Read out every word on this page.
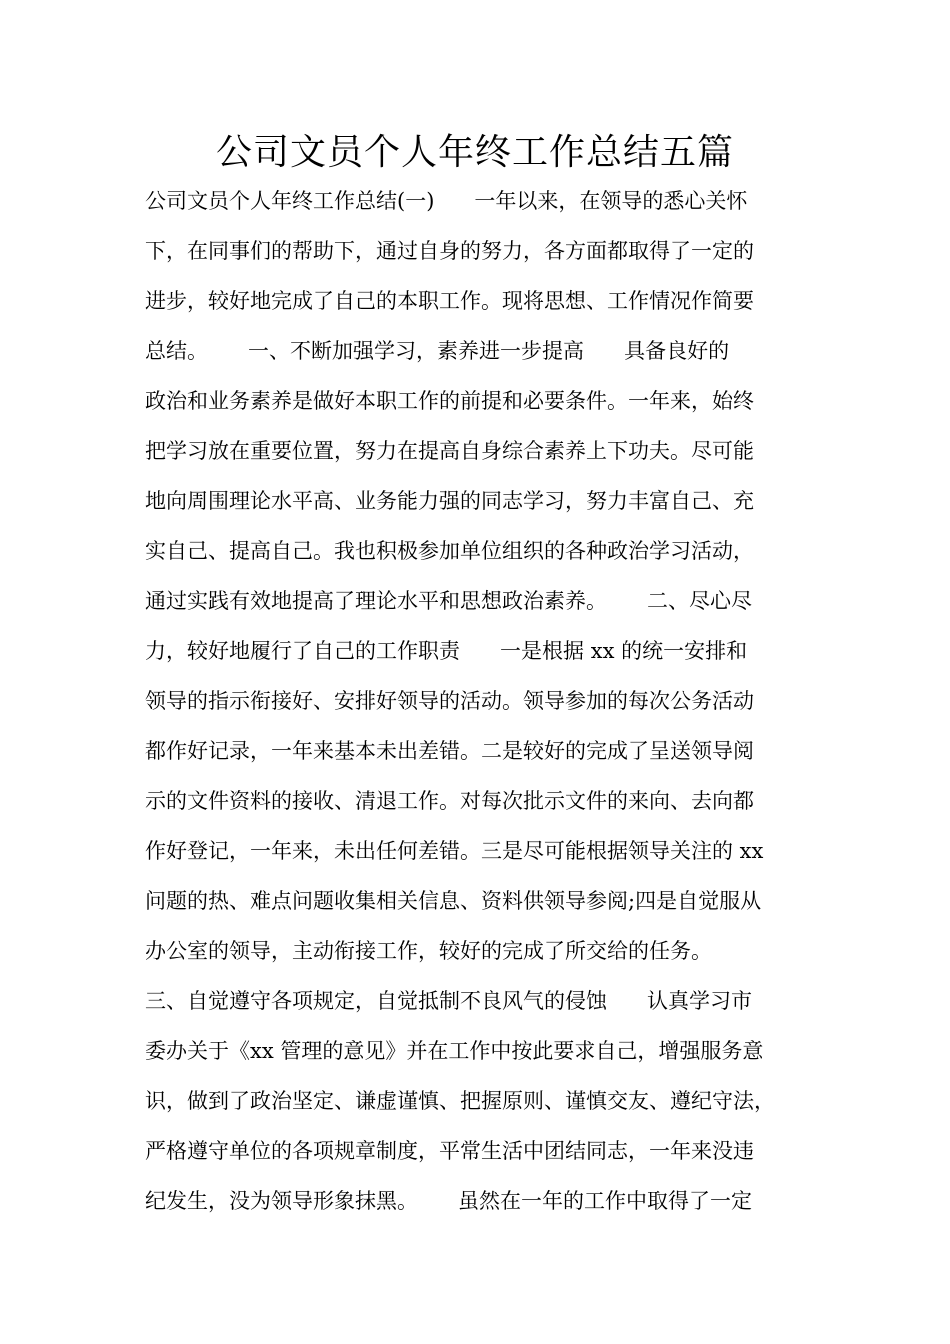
公司文员个人年终工作总结五篇
公司文员个人年终工作总结(一)      一年以来，在领导的悉心关怀
下，在同事们的帮助下，通过自身的努力，各方面都取得了一定的
进步，较好地完成了自己的本职工作。现将思想、工作情况作简要
总结。      一、不断加强学习，素养进一步提高      具备良好的
政治和业务素养是做好本职工作的前提和必要条件。一年来，始终
把学习放在重要位置，努力在提高自身综合素养上下功夫。尽可能
地向周围理论水平高、业务能力强的同志学习，努力丰富自己、充
实自己、提高自己。我也积极参加单位组织的各种政治学习活动，
通过实践有效地提高了理论水平和思想政治素养。      二、尽心尽
力，较好地履行了自己的工作职责      一是根据 xx 的统一安排和
领导的指示衔接好、安排好领导的活动。领导参加的每次公务活动
都作好记录，一年来基本未出差错。二是较好的完成了呈送领导阅
示的文件资料的接收、清退工作。对每次批示文件的来向、去向都
作好登记，一年来，未出任何差错。三是尽可能根据领导关注的 xx
问题的热、难点问题收集相关信息、资料供领导参阅;四是自觉服从
办公室的领导，主动衔接工作，较好的完成了所交给的任务。
三、自觉遵守各项规定，自觉抵制不良风气的侵蚀      认真学习市
委办关于《xx 管理的意见》并在工作中按此要求自己，增强服务意
识，做到了政治坚定、谦虚谨慎、把握原则、谨慎交友、遵纪守法，
严格遵守单位的各项规章制度，平常生活中团结同志，一年来没违
纪发生，没为领导形象抹黑。      虽然在一年的工作中取得了一定
